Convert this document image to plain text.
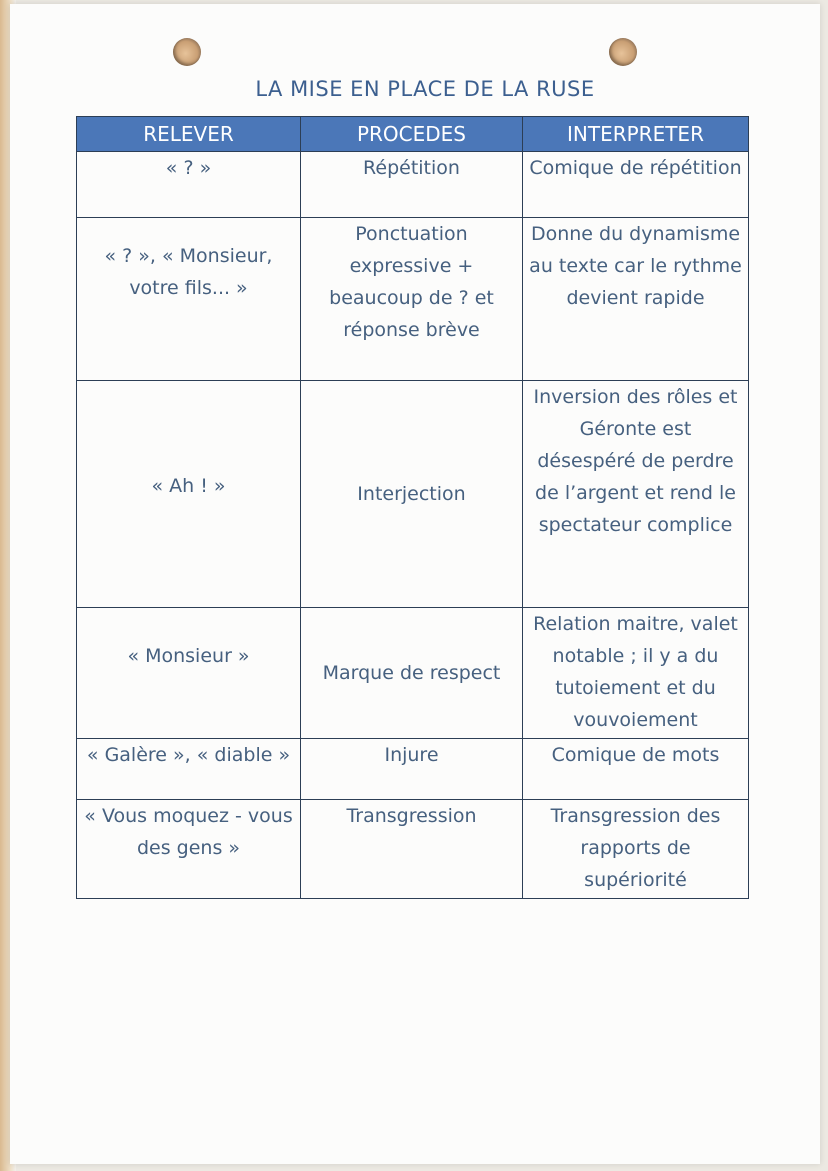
LA MISE EN PLACE DE LA RUSE
RELEVER	PROCEDES	INTERPRETER
« ? »	Répétition	Comique de répétition
« ? », « Monsieur, votre fils... »	Ponctuation expressive + beaucoup de ? et réponse brève	Donne du dynamisme au texte car le rythme devient rapide
« Ah ! »	Interjection	Inversion des rôles et Géronte est désespéré de perdre de l’argent et rend le spectateur complice
« Monsieur »	Marque de respect	Relation maitre, valet notable ; il y a du tutoiement et du vouvoiement
« Galère », « diable »	Injure	Comique de mots
« Vous moquez - vous des gens »	Transgression	Transgression des rapports de supériorité
